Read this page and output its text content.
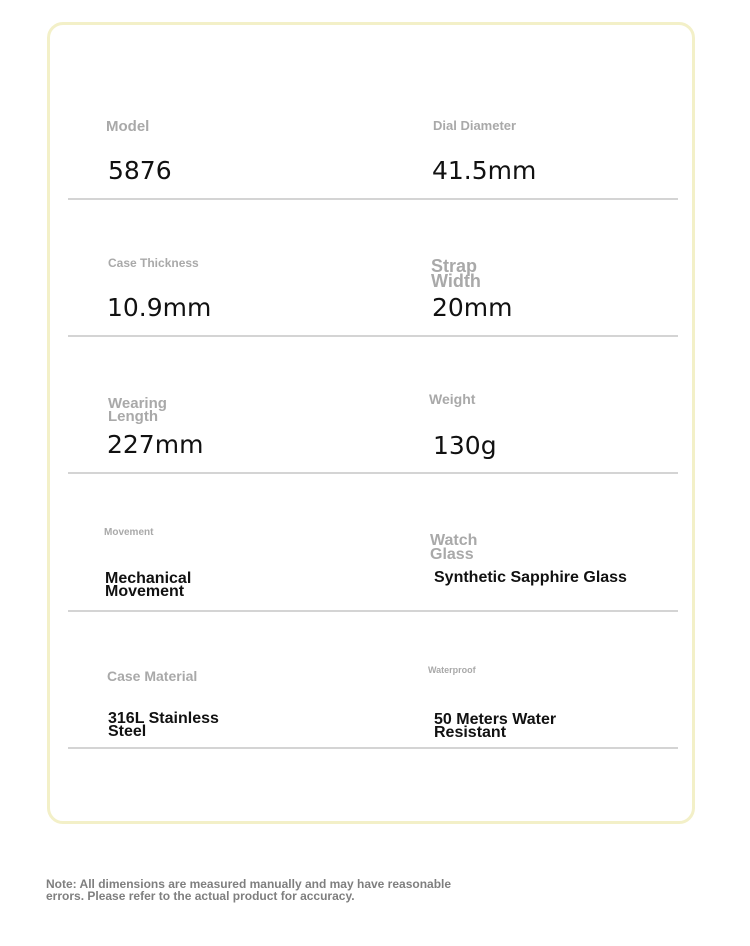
Model
5876
Dial Diameter
41.5mm
Case Thickness
10.9mm
Strap
Width
20mm
Wearing
Length
227mm
Weight
130g
Movement
Mechanical
Movement
Watch
Glass
Synthetic Sapphire Glass
Case Material
316L Stainless
Steel
Waterproof
50 Meters Water
Resistant
Note: All dimensions are measured manually and may have reasonable
errors. Please refer to the actual product for accuracy.
